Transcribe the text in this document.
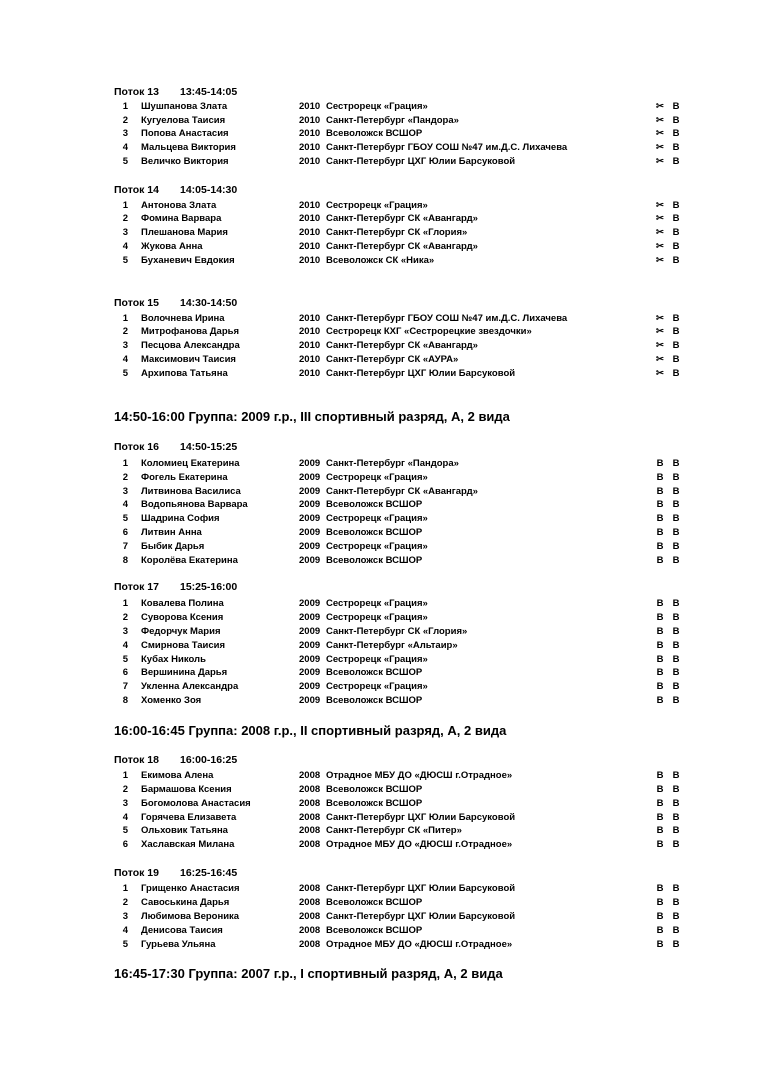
Поток 13 13:45-14:05
1 Шушпанова Злата	2010 Сестрорецк «Грация»	✂ В
2 Кугуелова Таисия	2010 Санкт-Петербург «Пандора»	✂ В
3 Попова Анастасия	2010 Всеволожск ВСШОР	✂ В
4 Мальцева Виктория	2010 Санкт-Петербург ГБОУ СОШ №47 им.Д.С. Лихачева	✂ В
5 Величко Виктория	2010 Санкт-Петербург ЦХГ Юлии Барсуковой	✂ В
Поток 14 14:05-14:30
1 Антонова Злата	2010 Сестрорецк «Грация»	✂ В
2 Фомина Варвара	2010 Санкт-Петербург СК «Авангард»	✂ В
3 Плешанова Мария	2010 Санкт-Петербург СК «Глория»	✂ В
4 Жукова Анна	2010 Санкт-Петербург СК «Авангард»	✂ В
5 Буханевич Евдокия	2010 Всеволожск СК «Ника»	✂ В
Поток 15 14:30-14:50
1 Волочнева Ирина	2010 Санкт-Петербург ГБОУ СОШ №47 им.Д.С. Лихачева	✂ В
2 Митрофанова Дарья	2010 Сестрорецк КХГ «Сестрорецкие звездочки»	✂ В
3 Песцова Александра	2010 Санкт-Петербург СК «Авангард»	✂ В
4 Максимович Таисия	2010 Санкт-Петербург СК «АУРА»	✂ В
5 Архипова Татьяна	2010 Санкт-Петербург ЦХГ Юлии Барсуковой	✂ В
14:50-16:00 Группа: 2009 г.р., III спортивный разряд, А, 2 вида
Поток 16 14:50-15:25
1 Коломиец Екатерина	2009 Санкт-Петербург «Пандора»	В В
2 Фогель Екатерина	2009 Сестрорецк «Грация»	В В
3 Литвинова Василиса	2009 Санкт-Петербург СК «Авангард»	В В
4 Водопьянова Варвара	2009 Всеволожск ВСШОР	В В
5 Шадрина София	2009 Сестрорецк «Грация»	В В
6 Литвин Анна	2009 Всеволожск ВСШОР	В В
7 Быбик Дарья	2009 Сестрорецк «Грация»	В В
8 Королёва Екатерина	2009 Всеволожск ВСШОР	В В
Поток 17 15:25-16:00
1 Ковалева Полина	2009 Сестрорецк «Грация»	В В
2 Суворова Ксения	2009 Сестрорецк «Грация»	В В
3 Федорчук Мария	2009 Санкт-Петербург СК «Глория»	В В
4 Смирнова Таисия	2009 Санкт-Петербург «Альтаир»	В В
5 Кубах Николь	2009 Сестрорецк «Грация»	В В
6 Вершинина Дарья	2009 Всеволожск ВСШОР	В В
7 Укленна Александра	2009 Сестрорецк «Грация»	В В
8 Хоменко Зоя	2009 Всеволожск ВСШОР	В В
16:00-16:45 Группа: 2008 г.р., II спортивный разряд, А, 2 вида
Поток 18 16:00-16:25
1 Екимова Алена	2008 Отрадное МБУ ДО «ДЮСШ г.Отрадное»	В В
2 Бармашова Ксения	2008 Всеволожск ВСШОР	В В
3 Богомолова Анастасия	2008 Всеволожск ВСШОР	В В
4 Горячева Елизавета	2008 Санкт-Петербург ЦХГ Юлии Барсуковой	В В
5 Ольховик Татьяна	2008 Санкт-Петербург СК «Питер»	В В
6 Хаславская Милана	2008 Отрадное МБУ ДО «ДЮСШ г.Отрадное»	В В
Поток 19 16:25-16:45
1 Грищенко Анастасия	2008 Санкт-Петербург ЦХГ Юлии Барсуковой	В В
2 Савоськина Дарья	2008 Всеволожск ВСШОР	В В
3 Любимова Вероника	2008 Санкт-Петербург ЦХГ Юлии Барсуковой	В В
4 Денисова Таисия	2008 Всеволожск ВСШОР	В В
5 Гурьева Ульяна	2008 Отрадное МБУ ДО «ДЮСШ г.Отрадное»	В В
16:45-17:30 Группа: 2007 г.р., I спортивный разряд, А, 2 вида
